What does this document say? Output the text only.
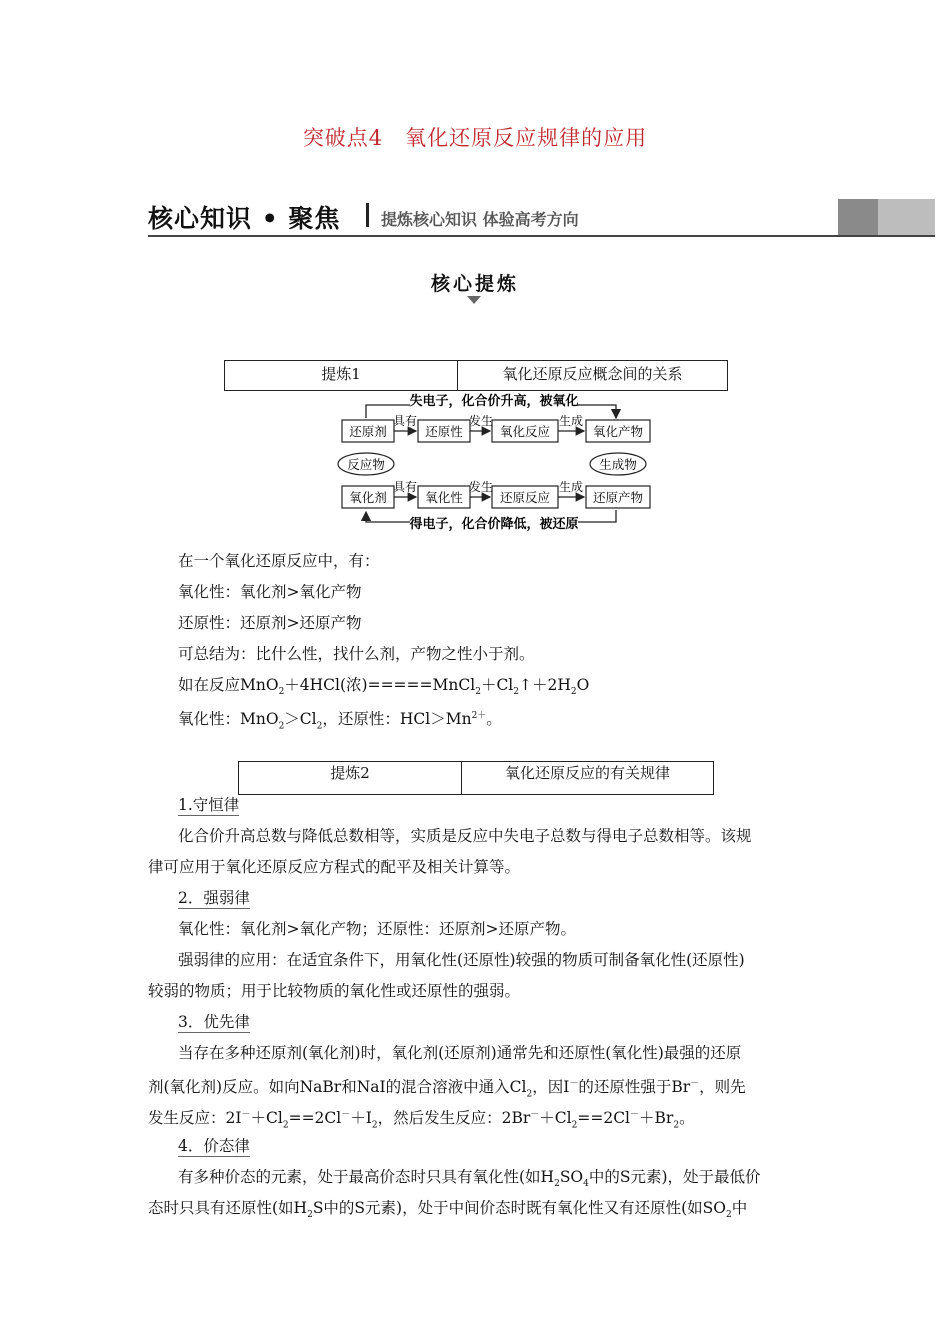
突破点4　氧化还原反应规律的应用
核心知识 • 聚焦	提炼核心知识 体验高考方向
核心提炼
提炼1	氧化还原反应概念间的关系
失电子，化合价升高，被氧化
还原剂	还原性	氧化反应	氧化产物
具有	发生	生成
反应物	生成物
氧化剂	氧化性	还原反应	还原产物
具有	发生	生成
得电子，化合价降低，被还原
在一个氧化还原反应中，有：
氧化性：氧化剂>氧化产物
还原性：还原剂>还原产物
可总结为：比什么性，找什么剂，产物之性小于剂。
如在反应MnO$_2$＋4HCl(浓)$=====MnCl_2+Cl_2↑+2H_2O$
氧化性：$MnO_2>Cl_2$，还原性：$HCl>Mn^{2+}$。
提炼2	氧化还原反应的有关规律
1.守恒律
化合价升高总数与降低总数相等，实质是反应中失电子总数与得电子总数相等。该规
律可应用于氧化还原反应方程式的配平及相关计算等。
2．强弱律
氧化性：氧化剂>氧化产物；还原性：还原剂>还原产物。
强弱律的应用：在适宜条件下，用氧化性(还原性)较强的物质可制备氧化性(还原性)
较弱的物质；用于比较物质的氧化性或还原性的强弱。
3．优先律
当存在多种还原剂(氧化剂)时，氧化剂(还原剂)通常先和还原性(氧化性)最强的还原
剂(氧化剂)反应。如向NaBr和NaI的混合溶液中通入$Cl_2$，因I－的还原性强于Br－，则先
发生反应：$2I^-+Cl_2==2Cl^-+I_2$，然后发生反应：$2Br^-+Cl_2==2Cl^-+Br_2$。
4．价态律
有多种价态的元素，处于最高价态时只具有氧化性(如$H_2SO_4$中的S元素)，处于最低价
态时只具有还原性(如$H_2S$中的S元素)，处于中间价态时既有氧化性又有还原性(如$SO_2$中
